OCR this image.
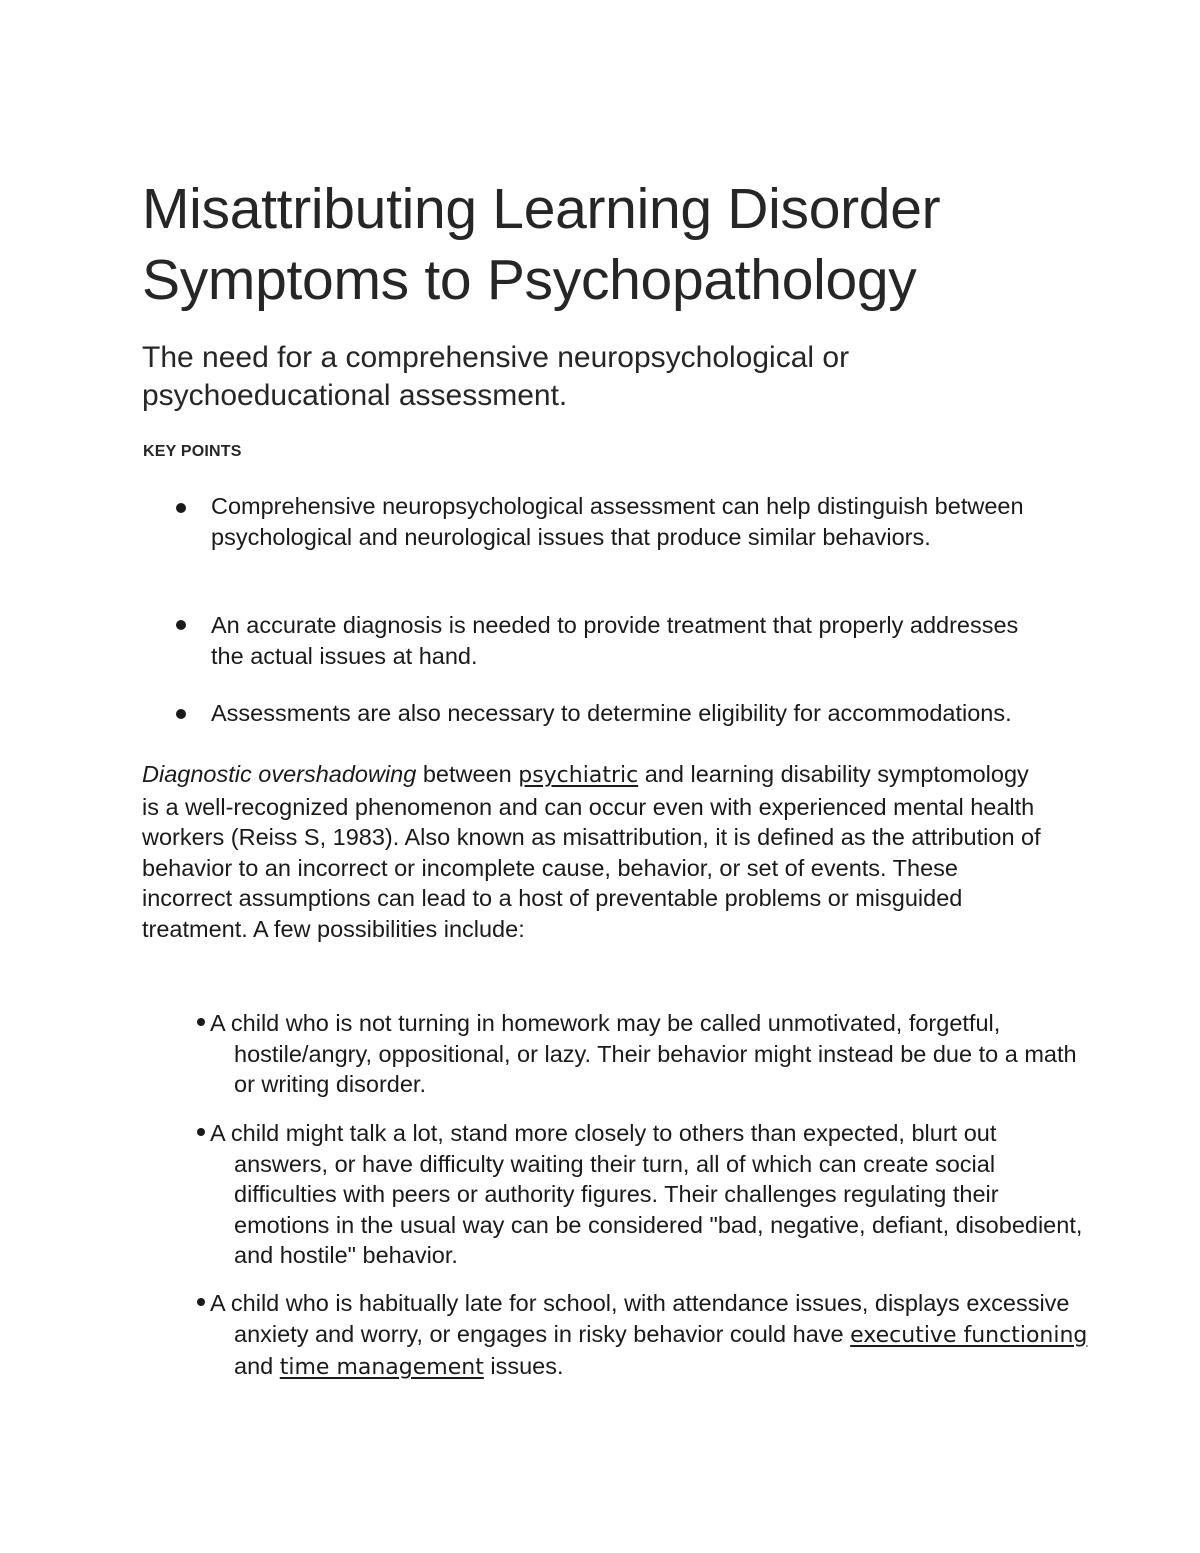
Misattributing Learning Disorder Symptoms to Psychopathology
The need for a comprehensive neuropsychological or psychoeducational assessment.
KEY POINTS

Comprehensive neuropsychological assessment can help distinguish between psychological and neurological issues that produce similar behaviors.

An accurate diagnosis is needed to provide treatment that properly addresses the actual issues at hand.

Assessments are also necessary to determine eligibility for accommodations.

Diagnostic overshadowing between psychiatric and learning disability symptomology is a well-recognized phenomenon and can occur even with experienced mental health workers (Reiss S, 1983). Also known as misattribution, it is defined as the attribution of behavior to an incorrect or incomplete cause, behavior, or set of events. These incorrect assumptions can lead to a host of preventable problems or misguided treatment. A few possibilities include:

A child who is not turning in homework may be called unmotivated, forgetful, hostile/angry, oppositional, or lazy. Their behavior might instead be due to a math or writing disorder.

A child might talk a lot, stand more closely to others than expected, blurt out answers, or have difficulty waiting their turn, all of which can create social difficulties with peers or authority figures. Their challenges regulating their emotions in the usual way can be considered "bad, negative, defiant, disobedient, and hostile" behavior.

A child who is habitually late for school, with attendance issues, displays excessive anxiety and worry, or engages in risky behavior could have executive functioning and time management issues.
